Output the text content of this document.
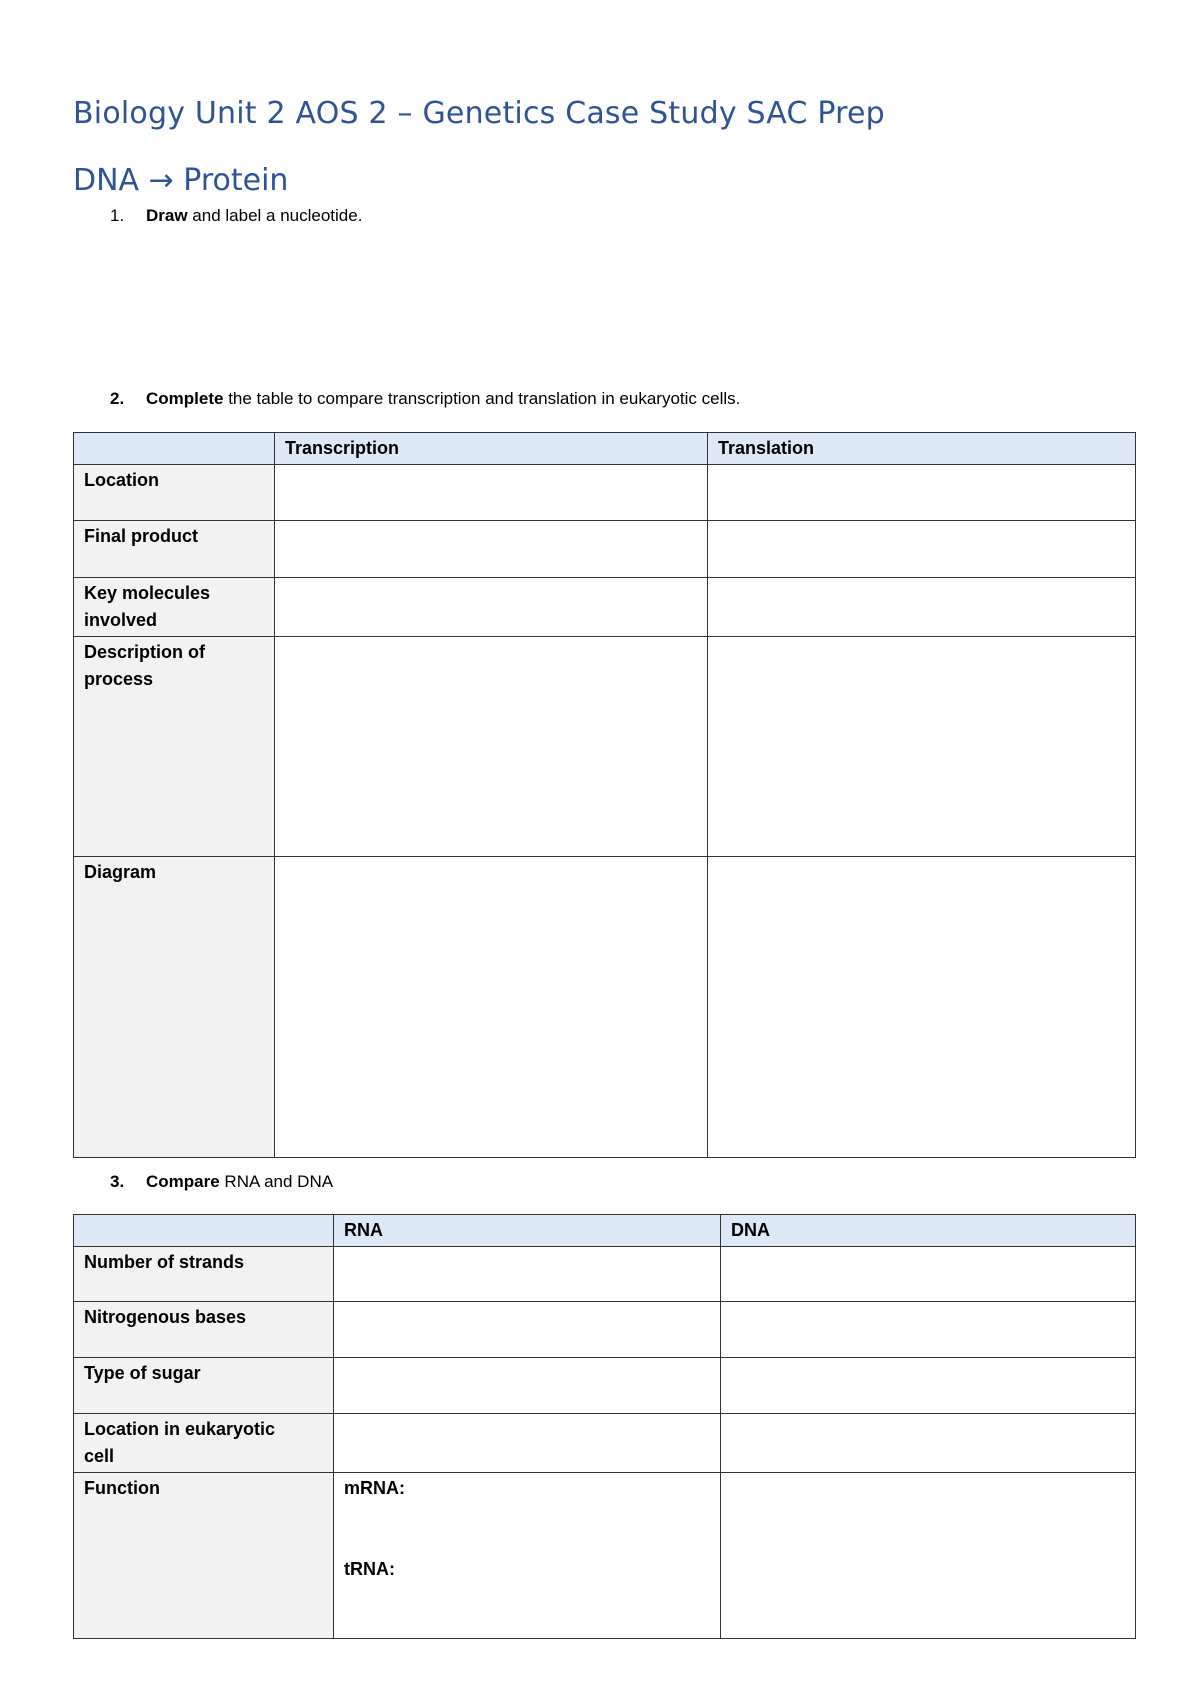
Biology Unit 2 AOS 2 – Genetics Case Study SAC Prep
DNA → Protein
1. Draw and label a nucleotide.
2. Complete the table to compare transcription and translation in eukaryotic cells.
	Transcription	Translation
Location		
Final product		
Key molecules involved		
Description of process		
Diagram		
3. Compare RNA and DNA
	RNA	DNA
Number of strands		
Nitrogenous bases		
Type of sugar		
Location in eukaryotic cell		
Function	mRNA:
tRNA:	
